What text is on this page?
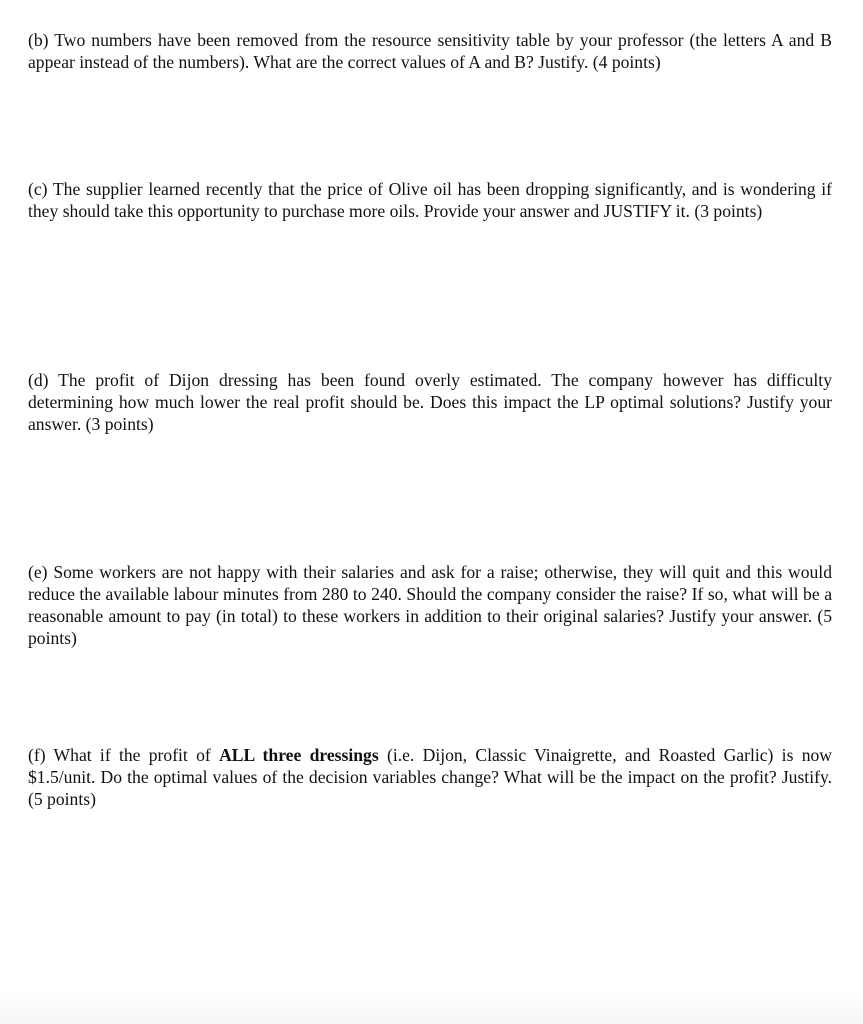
(b) Two numbers have been removed from the resource sensitivity table by your professor (the letters A and B appear instead of the numbers). What are the correct values of A and B? Justify. (4 points)

(c) The supplier learned recently that the price of Olive oil has been dropping significantly, and is wondering if they should take this opportunity to purchase more oils. Provide your answer and JUSTIFY it. (3 points)

(d) The profit of Dijon dressing has been found overly estimated. The company however has difficulty determining how much lower the real profit should be. Does this impact the LP optimal solutions? Justify your answer. (3 points)

(e) Some workers are not happy with their salaries and ask for a raise; otherwise, they will quit and this would reduce the available labour minutes from 280 to 240. Should the company consider the raise? If so, what will be a reasonable amount to pay (in total) to these workers in addition to their original salaries? Justify your answer. (5 points)

(f) What if the profit of ALL three dressings (i.e. Dijon, Classic Vinaigrette, and Roasted Garlic) is now $1.5/unit. Do the optimal values of the decision variables change? What will be the impact on the profit? Justify. (5 points)
